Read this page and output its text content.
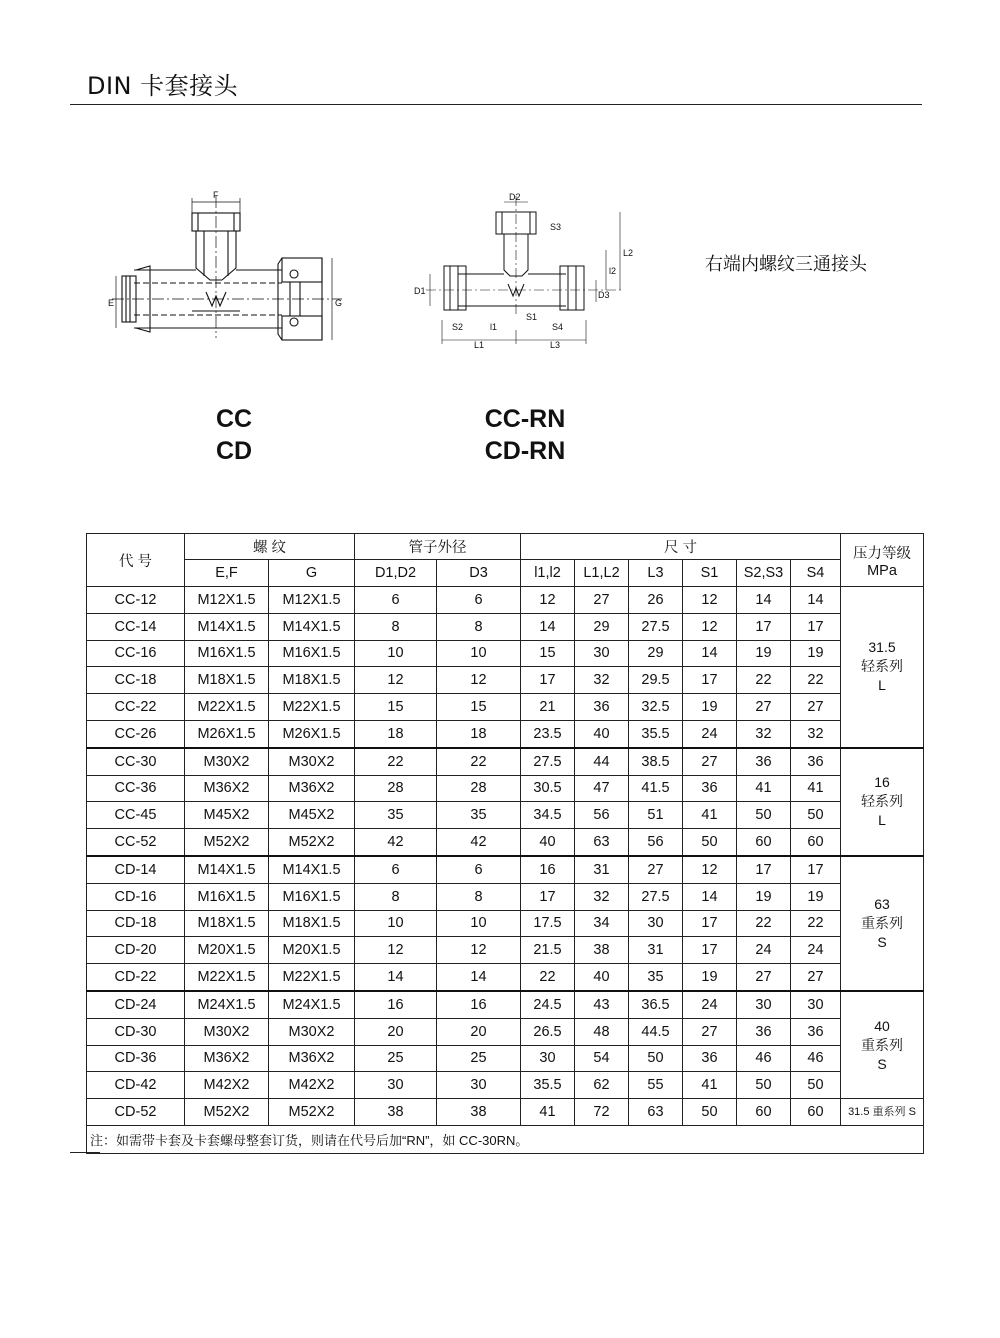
DIN 卡套接头
F
E	G
D2
S3
L2
l2
D1	D3
S2	l1
S1
S4
L1	L3
右端内螺纹三通接头
CC
CD
CC-RN
CD-RN
代 号	螺 纹		管子外径		尺 寸						压力等级
MPa

	E,F	G	D1,D2	D3	l1,l2	L1,L2	L3	S1	S2,S3	S4	
CC-12	M12X1.5	M12X1.5	6	6	12	27	26	12	14	14	31.5
轻系列
L

CC-14	M14X1.5	M14X1.5	8	8	14	29	27.5	12	17	17	
CC-16	M16X1.5	M16X1.5	10	10	15	30	29	14	19	19	
CC-18	M18X1.5	M18X1.5	12	12	17	32	29.5	17	22	22	
CC-22	M22X1.5	M22X1.5	15	15	21	36	32.5	19	27	27	
CC-26	M26X1.5	M26X1.5	18	18	23.5	40	35.5	24	32	32	
CC-30	M30X2	M30X2	22	22	27.5	44	38.5	27	36	36	16
轻系列
L

CC-36	M36X2	M36X2	28	28	30.5	47	41.5	36	41	41	
CC-45	M45X2	M45X2	35	35	34.5	56	51	41	50	50	
CC-52	M52X2	M52X2	42	42	40	63	56	50	60	60	
CD-14	M14X1.5	M14X1.5	6	6	16	31	27	12	17	17	63
重系列
S

CD-16	M16X1.5	M16X1.5	8	8	17	32	27.5	14	19	19	
CD-18	M18X1.5	M18X1.5	10	10	17.5	34	30	17	22	22	
CD-20	M20X1.5	M20X1.5	12	12	21.5	38	31	17	24	24	
CD-22	M22X1.5	M22X1.5	14	14	22	40	35	19	27	27	
CD-24	M24X1.5	M24X1.5	16	16	24.5	43	36.5	24	30	30	40
重系列
S

CD-30	M30X2	M30X2	20	20	26.5	48	44.5	27	36	36	
CD-36	M36X2	M36X2	25	25	30	54	50	36	46	46	
CD-42	M42X2	M42X2	30	30	35.5	62	55	41	50	50	
CD-52	M52X2	M52X2	38	38	41	72	63	50	60	60	31.5 重系列 S
注：如需带卡套及卡套螺母整套订货，则请在代号后加“RN”，如 CC-30RN。											
